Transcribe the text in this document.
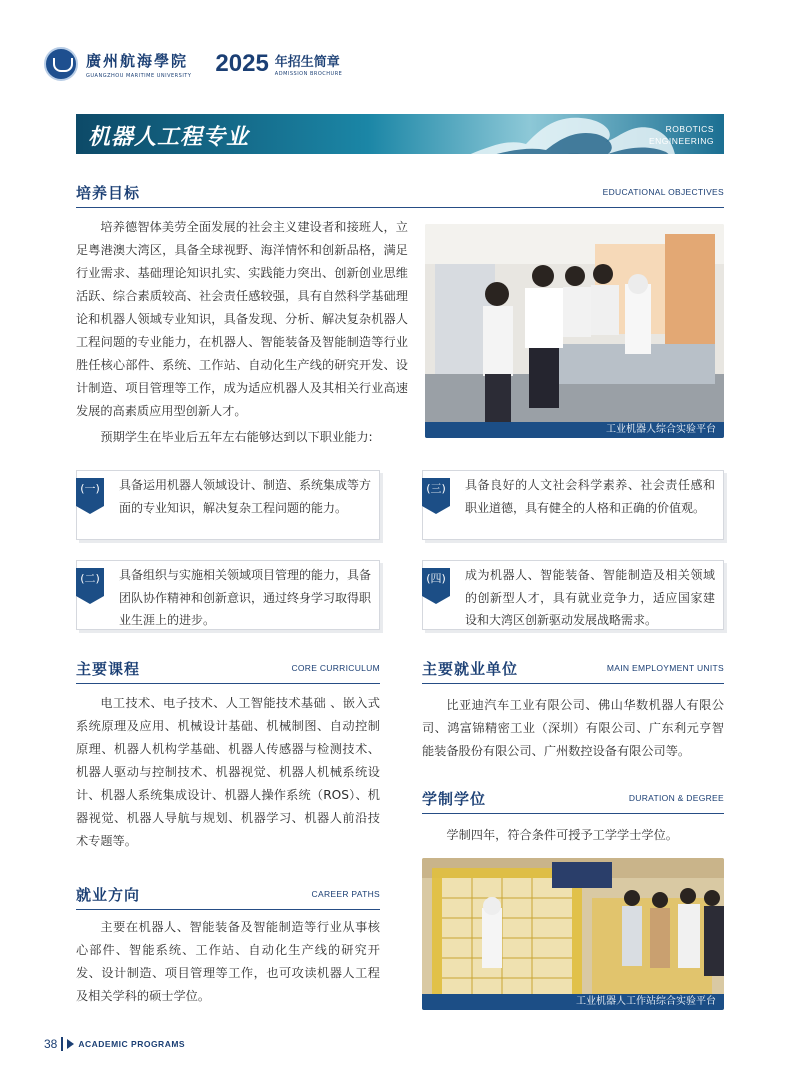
廣州航海學院
GUANGZHOU MARITIME UNIVERSITY 2025 年招生简章
ADMISSION BROCHURE
机器人工程专业	ROBOTICS
ENGINEERING
培养目标	EDUCATIONAL OBJECTIVES

培养德智体美劳全面发展的社会主义建设者和接班人，立足粤港澳大湾区，具备全球视野、海洋情怀和创新品格，满足行业需求、基础理论知识扎实、实践能力突出、创新创业思维活跃、综合素质较高、社会责任感较强，具有自然科学基础理论和机器人领域专业知识，具备发现、分析、解决复杂机器人工程问题的专业能力，在机器人、智能装备及智能制造等行业胜任核心部件、系统、工作站、自动化生产线的研究开发、设计制造、项目管理等工作，成为适应机器人及其相关行业高速发展的高素质应用型创新人才。

预期学生在毕业后五年左右能够达到以下职业能力:

工业机器人综合实验平台
(一)	具备运用机器人领域设计、制造、系统集成等方面的专业知识，解决复杂工程问题的能力。
(二)	具备组织与实施相关领域项目管理的能力，具备团队协作精神和创新意识，通过终身学习取得职业生涯上的进步。
(三)	具备良好的人文社会科学素养、社会责任感和职业道德，具有健全的人格和正确的价值观。
(四)	成为机器人、智能装备、智能制造及相关领域的创新型人才，具有就业竞争力，适应国家建设和大湾区创新驱动发展战略需求。
主要课程	CORE CURRICULUM

电工技术、电子技术、人工智能技术基础 、嵌入式系统原理及应用、机械设计基础、机械制图、自动控制原理、机器人机构学基础、机器人传感器与检测技术、机器人驱动与控制技术、机器视觉、机器人机械系统设计、机器人系统集成设计、机器人操作系统（ROS）、机器视觉、机器人导航与规划、机器学习、机器人前沿技术专题等。

就业方向	CAREER PATHS

主要在机器人、智能装备及智能制造等行业从事核心部件、智能系统、工作站、自动化生产线的研究开发、设计制造、项目管理等工作，也可攻读机器人工程及相关学科的硕士学位。

主要就业单位	MAIN EMPLOYMENT UNITS

比亚迪汽车工业有限公司、佛山华数机器人有限公司、鸿富锦精密工业（深圳）有限公司、广东利元亨智能装备股份有限公司、广州数控设备有限公司等。

学制学位	DURATION & DEGREE

学制四年，符合条件可授予工学学士学位。

工业机器人工作站综合实验平台
38	ACADEMIC PROGRAMS
